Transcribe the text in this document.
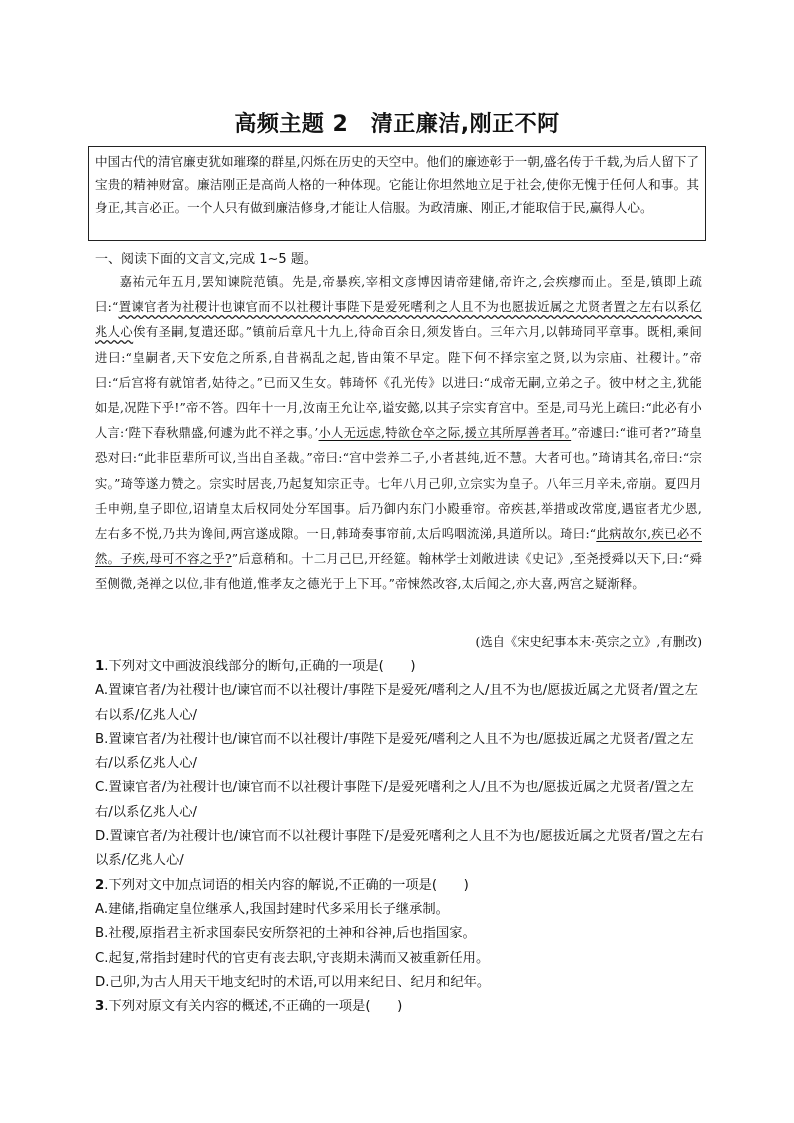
高频主题 2　清正廉洁,刚正不阿
中国古代的清官廉吏犹如璀璨的群星,闪烁在历史的天空中。他们的廉迹彰于一朝,盛名传于千载,为后人留下了宝贵的精神财富。廉洁刚正是高尚人格的一种体现。它能让你坦然地立足于社会,使你无愧于任何人和事。其身正,其言必正。一个人只有做到廉洁修身,才能让人信服。为政清廉、刚正,才能取信于民,赢得人心。
一、阅读下面的文言文,完成 1~5 题。

嘉祐元年五月,罢知谏院范镇。先是,帝暴疾,宰相文彦博因请帝建储,帝许之,会疾瘳而止。至是,镇即上疏曰:“置谏官者为社稷计也谏官而不以社稷计事陛下是爱死嗜利之人且不为也愿拔近属之尤贤者置之左右以系亿兆人心俟有圣嗣,复遣还邸。”镇前后章凡十九上,待命百余日,须发皆白。三年六月,以韩琦同平章事。既相,乘间进曰:“皇嗣者,天下安危之所系,自昔祸乱之起,皆由策不早定。陛下何不择宗室之贤,以为宗庙、社稷计。”帝曰:“后宫将有就馆者,姑待之。”已而又生女。韩琦怀《孔光传》以进曰:“成帝无嗣,立弟之子。彼中材之主,犹能如是,况陛下乎!”帝不答。四年十一月,汝南王允让卒,谥安懿,以其子宗实育宫中。至是,司马光上疏曰:“此必有小人言:‘陛下春秋鼎盛,何遽为此不祥之事。’小人无远虑,特欲仓卒之际,援立其所厚善者耳。”帝遽曰:“谁可者?”琦皇恐对曰:“此非臣辈所可议,当出自圣裁。”帝曰:“宫中尝养二子,小者甚纯,近不慧。大者可也。”琦请其名,帝曰:“宗实。”琦等遂力赞之。宗实时居丧,乃起复知宗正寺。七年八月己卯,立宗实为皇子。八年三月辛未,帝崩。夏四月壬申朔,皇子即位,诏请皇太后权同处分军国事。后乃御内东门小殿垂帘。帝疾甚,举措或改常度,遇宦者尤少恩,左右多不悦,乃共为谗间,两宫遂成隙。一日,韩琦奏事帘前,太后呜咽流涕,具道所以。琦曰:“此病故尔,疾已必不然。子疾,母可不容之乎?”后意稍和。十二月己巳,开经筵。翰林学士刘敞进读《史记》,至尧授舜以天下,曰:“舜至侧微,尧禅之以位,非有他道,惟孝友之德光于上下耳。”帝悚然改容,太后闻之,亦大喜,两宫之疑渐释。

(选自《宋史纪事本末·英宗之立》,有删改)

1.下列对文中画波浪线部分的断句,正确的一项是(　　)

A.置谏官者/为社稷计也/谏官而不以社稷计/事陛下是爱死/嗜利之人/且不为也/愿拔近属之尤贤者/置之左右以系/亿兆人心/

B.置谏官者/为社稷计也/谏官而不以社稷计/事陛下是爱死/嗜利之人且不为也/愿拔近属之尤贤者/置之左右/以系亿兆人心/

C.置谏官者/为社稷计也/谏官而不以社稷计事陛下/是爱死嗜利之人/且不为也/愿拔近属之尤贤者/置之左右/以系亿兆人心/

D.置谏官者/为社稷计也/谏官而不以社稷计事陛下/是爱死嗜利之人且不为也/愿拔近属之尤贤者/置之左右以系/亿兆人心/

2.下列对文中加点词语的相关内容的解说,不正确的一项是(　　)

A.建储,指确定皇位继承人,我国封建时代多采用长子继承制。

B.社稷,原指君主祈求国泰民安所祭祀的土神和谷神,后也指国家。

C.起复,常指封建时代的官吏有丧去职,守丧期未满而又被重新任用。

D.己卯,为古人用天干地支纪时的术语,可以用来纪日、纪月和纪年。

3.下列对原文有关内容的概述,不正确的一项是(　　)
